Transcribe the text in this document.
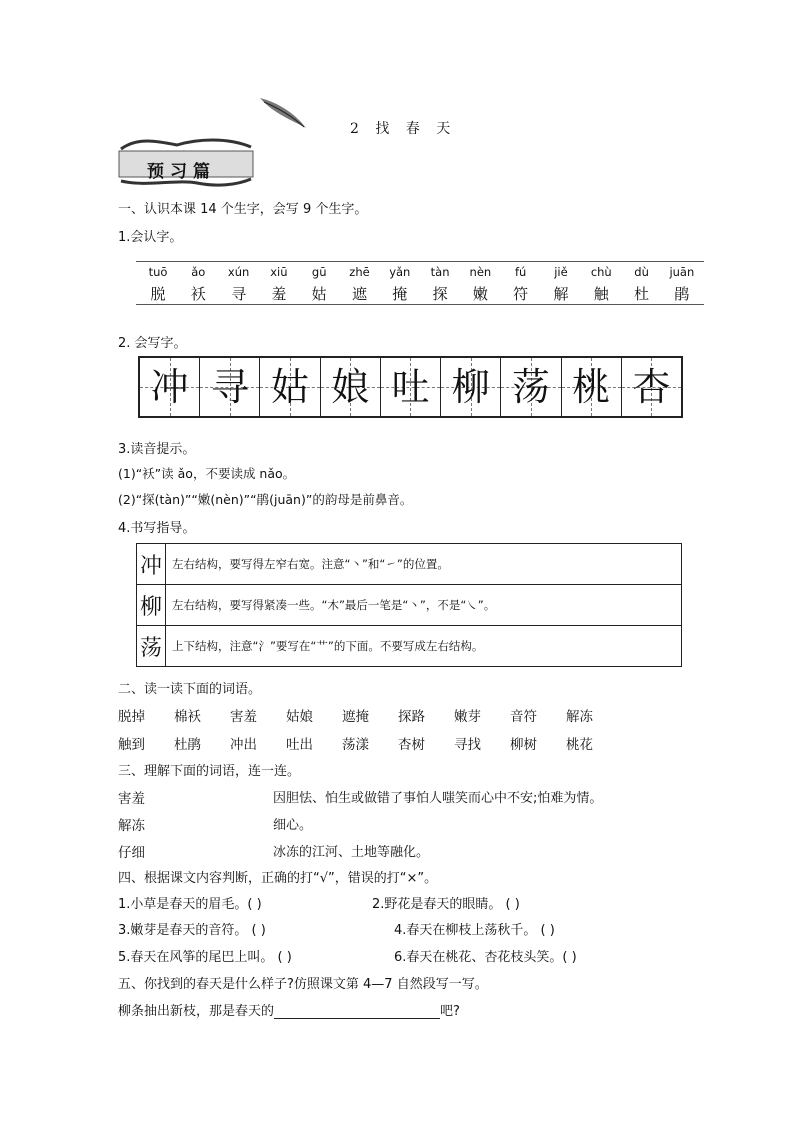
2 找 春 天
预习篇
一、认识本课 14 个生字，会写 9 个生字。
1.会认字。
tuō	ǎo	xún	xiū	gū	zhē	yǎn	tàn	nèn	fú	jiě	chù	dù	juān
脱	袄	寻	羞	姑	遮	掩	探	嫩	符	解	触	杜	鹃
2. 会写字。
冲 寻 姑 娘 吐 柳 荡 桃 杏
3.读音提示。
(1)“袄”读 ǎo，不要读成 nǎo。
(2)“探(tàn)”“嫩(nèn)”“鹃(juān)”的韵母是前鼻音。
4.书写指导。
冲	左右结构，要写得左窄右宽。注意“丶”和“㇀”的位置。
柳	左右结构，要写得紧凑一些。“木”最后一笔是“丶”，不是“㇏”。
荡	上下结构，注意“氵”要写在“艹”的下面。不要写成左右结构。
二、读一读下面的词语。
脱掉	棉袄	害羞	姑娘	遮掩	探路	嫩芽	音符	解冻
触到	杜鹃	冲出	吐出	荡漾	杏树	寻找	柳树	桃花
三、理解下面的词语，连一连。
害羞	因胆怯、怕生或做错了事怕人嗤笑而心中不安;怕难为情。
解冻	细心。
仔细	冰冻的江河、土地等融化。
四、根据课文内容判断，正确的打“√”，错误的打“×”。
1.小草是春天的眉毛。( )	2.野花是春天的眼睛。 ( )
3.嫩芽是春天的音符。 ( )	4.春天在柳枝上荡秋千。 ( )
5.春天在风筝的尾巴上叫。 ( )	6.春天在桃花、杏花枝头笑。( )
五、你找到的春天是什么样子?仿照课文第 4—7 自然段写一写。
柳条抽出新枝，那是春天的	吧?
